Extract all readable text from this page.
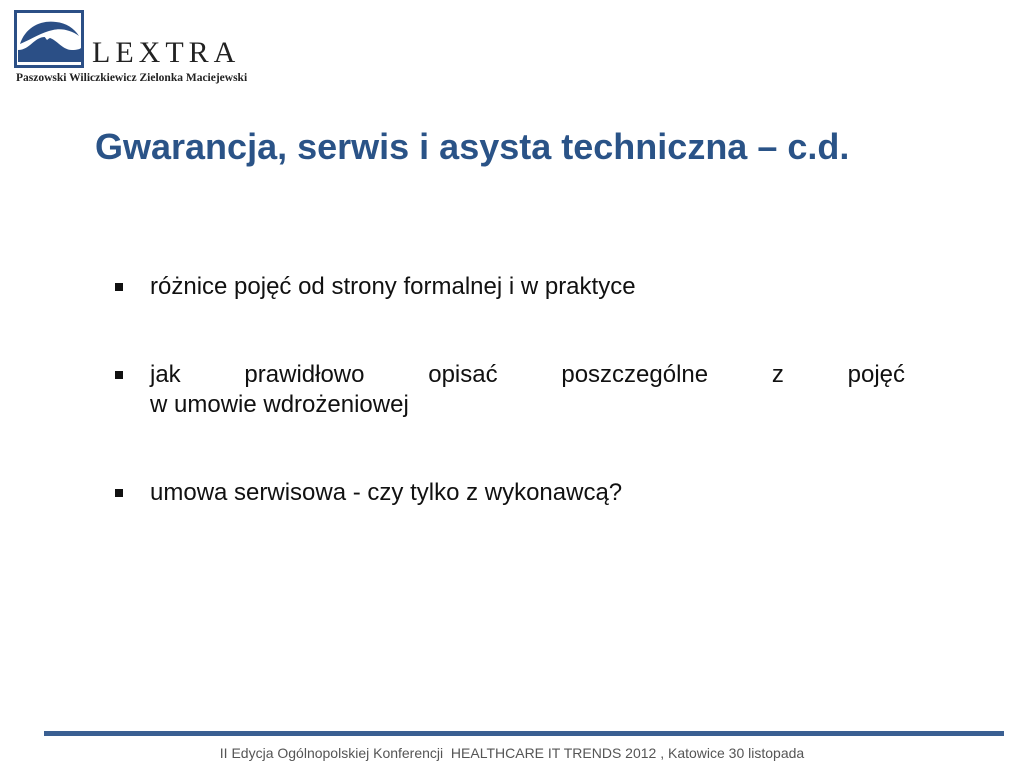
LEXTRA
Paszowski Wiliczkiewicz Zielonka Maciejewski
Gwarancja, serwis i asysta techniczna – c.d.
różnice pojęć od strony formalnej i w praktyce
jak prawidłowo opisać poszczególne z pojęć
w umowie wdrożeniowej
umowa serwisowa - czy tylko z wykonawcą?
II Edycja Ogólnopolskiej Konferencji  HEALTHCARE IT TRENDS 2012 , Katowice 30 listopada
